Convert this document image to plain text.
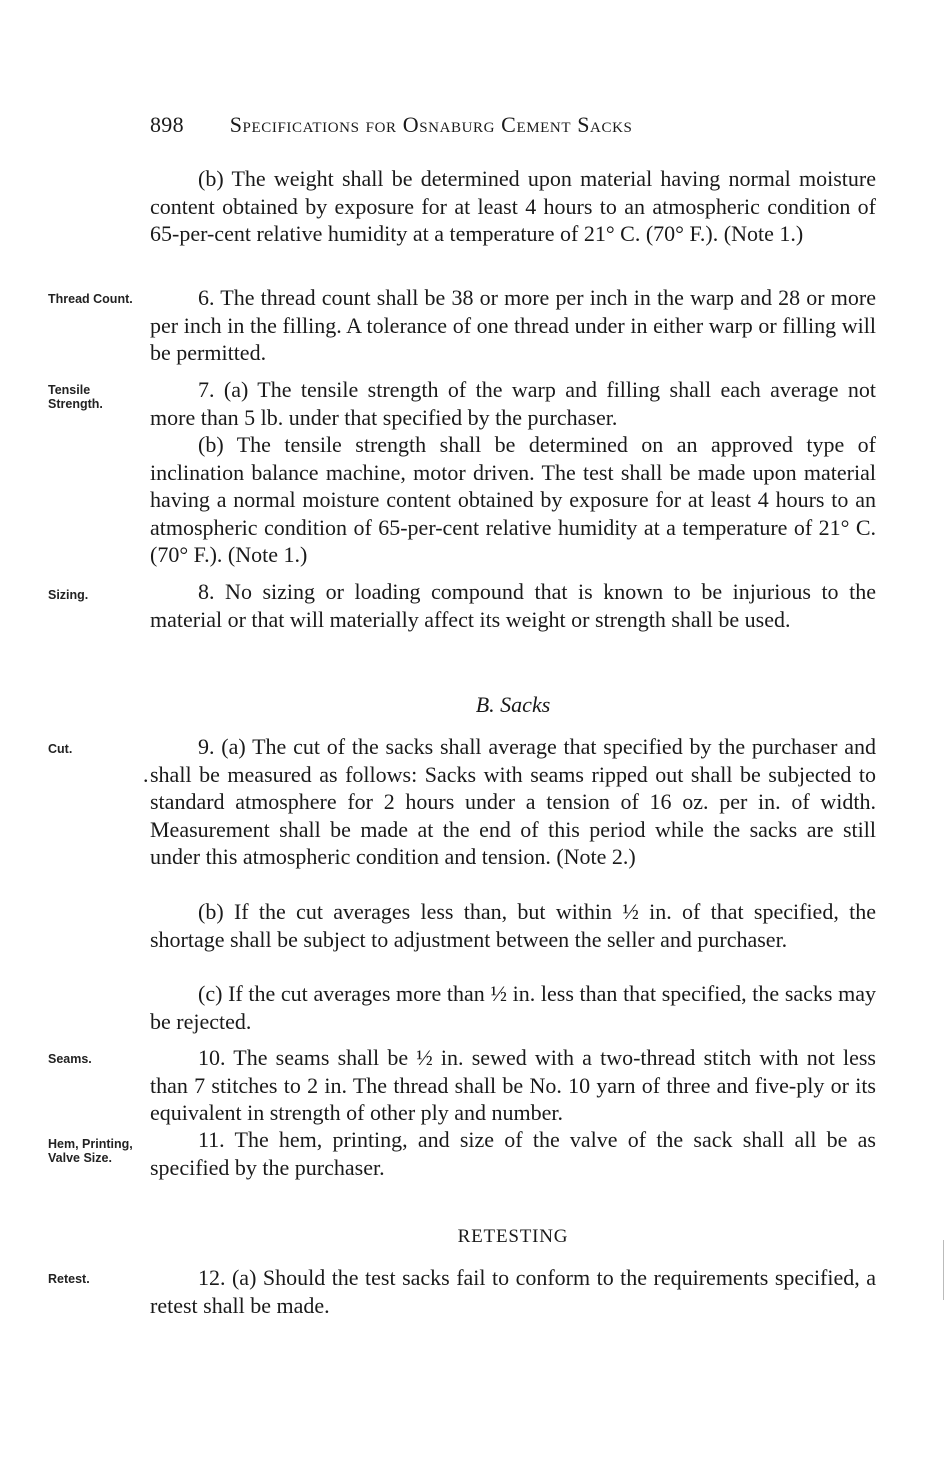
898 Specifications for Osnaburg Cement Sacks

(b) The weight shall be determined upon material having normal moisture content obtained by exposure for at least 4 hours to an atmospheric condition of 65-per-cent relative humidity at a temperature of 21° C. (70° F.). (Note 1.)

Thread Count.	6. The thread count shall be 38 or more per inch in the warp and 28 or more per inch in the filling. A tolerance of one thread under in either warp or filling will be permitted.

Tensile Strength.

7. (a) The tensile strength of the warp and filling shall each average not more than 5 lb. under that specified by the purchaser.

(b) The tensile strength shall be determined on an approved type of inclination balance machine, motor driven. The test shall be made upon material having a normal moisture content obtained by exposure for at least 4 hours to an atmospheric condition of 65-per-cent relative humidity at a temperature of 21° C. (70° F.). (Note 1.)

Sizing.	8. No sizing or loading compound that is known to be injurious to the material or that will materially affect its weight or strength shall be used.

B. Sacks
Cut.
.

9. (a) The cut of the sacks shall average that specified by the purchaser and shall be measured as follows: Sacks with seams ripped out shall be subjected to standard atmosphere for 2 hours under a tension of 16 oz. per in. of width. Measurement shall be made at the end of this period while the sacks are still under this atmospheric condition and tension. (Note 2.)

(b) If the cut averages less than, but within ½ in. of that specified, the shortage shall be subject to adjustment between the seller and purchaser.

(c) If the cut averages more than ½ in. less than that specified, the sacks may be rejected.

Seams.	10. The seams shall be ½ in. sewed with a two-thread stitch with not less than 7 stitches to 2 in. The thread shall be No. 10 yarn of three and five-ply or its equivalent in strength of other ply and number.

Hem, Printing, Valve Size.

11. The hem, printing, and size of the valve of the sack shall all be as specified by the purchaser.

RETESTING
Retest.	12. (a) Should the test sacks fail to conform to the requirements specified, a retest shall be made.
